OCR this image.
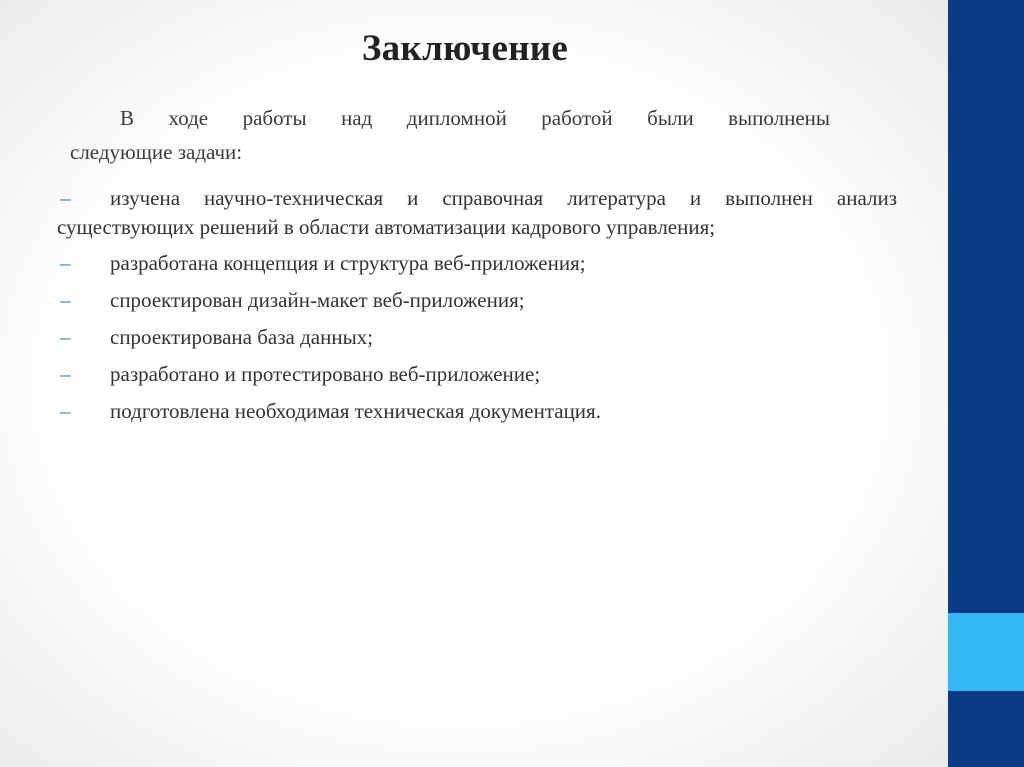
Заключение
В ходе работы над дипломной работой были выполнены
следующие задачи:
– изучена научно-техническая и справочная литература и выполнен анализ существующих решений в области автоматизации кадрового управления;
– разработана концепция и структура веб-приложения;
– спроектирован дизайн-макет веб-приложения;
– спроектирована база данных;
– разработано и протестировано веб-приложение;
– подготовлена необходимая техническая документация.
